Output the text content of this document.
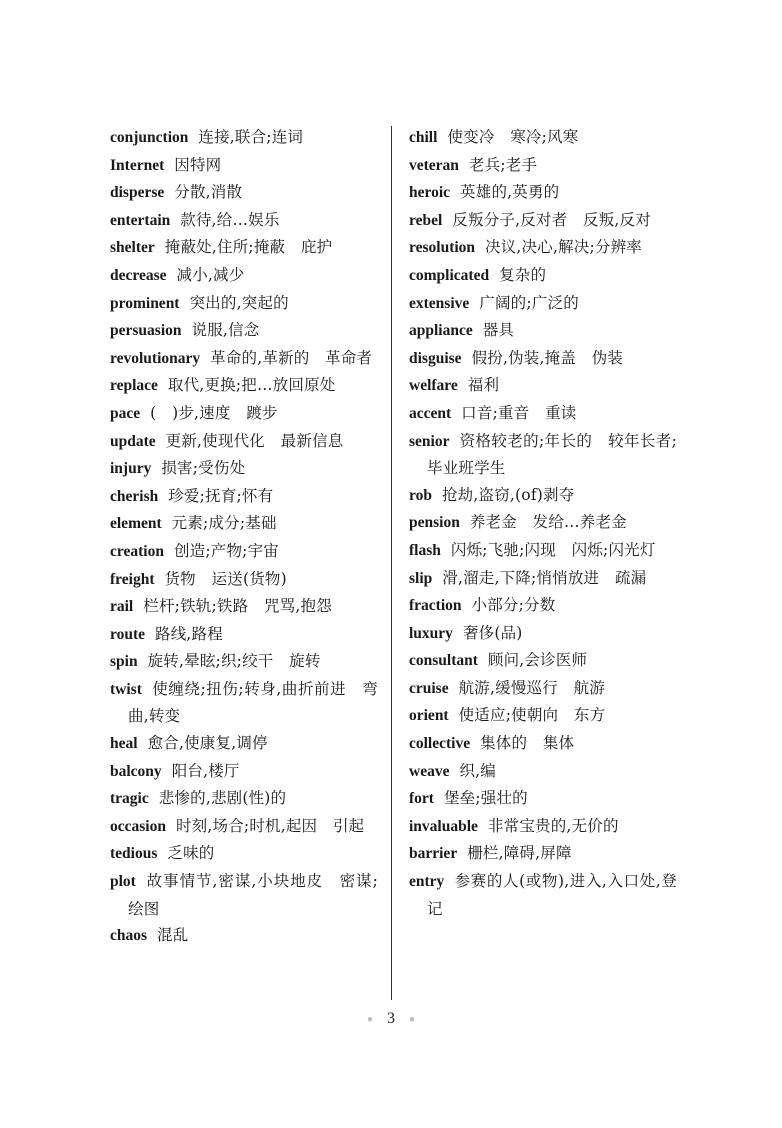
conjunction 连接,联合;连词
Internet 因特网
disperse 分散,消散
entertain 款待,给…娱乐
shelter 掩蔽处,住所;掩蔽　庇护
decrease 减小,减少
prominent 突出的,突起的
persuasion 说服,信念
revolutionary 革命的,革新的　革命者
replace 取代,更换;把…放回原处
pace (　)步,速度　踱步
update 更新,使现代化　最新信息
injury 损害;受伤处
cherish 珍爱;抚育;怀有
element 元素;成分;基础
creation 创造;产物;宇宙
freight 货物　运送(货物)
rail 栏杆;铁轨;铁路　咒骂,抱怨
route 路线,路程
spin 旋转,晕眩;织;绞干　旋转
twist 使缠绕;扭伤;转身,曲折前进　弯曲,转变
heal 愈合,使康复,调停
balcony 阳台,楼厅
tragic 悲惨的,悲剧(性)的
occasion 时刻,场合;时机,起因　引起
tedious 乏味的
plot 故事情节,密谋,小块地皮　密谋;绘图
chaos 混乱
chill 使变冷　寒冷;风寒
veteran 老兵;老手
heroic 英雄的,英勇的
rebel 反叛分子,反对者　反叛,反对
resolution 决议,决心,解决;分辨率
complicated 复杂的
extensive 广阔的;广泛的
appliance 器具
disguise 假扮,伪装,掩盖　伪装
welfare 福利
accent 口音;重音　重读
senior 资格较老的;年长的　较年长者;毕业班学生
rob 抢劫,盗窃,(of)剥夺
pension 养老金　发给…养老金
flash 闪烁;飞驰;闪现　闪烁;闪光灯
slip 滑,溜走,下降;悄悄放进　疏漏
fraction 小部分;分数
luxury 奢侈(品)
consultant 顾问,会诊医师
cruise 航游,缓慢巡行　航游
orient 使适应;使朝向　东方
collective 集体的　集体
weave 织,编
fort 堡垒;强壮的
invaluable 非常宝贵的,无价的
barrier 栅栏,障碍,屏障
entry 参赛的人(或物),进入,入口处,登记
● 3 ●
